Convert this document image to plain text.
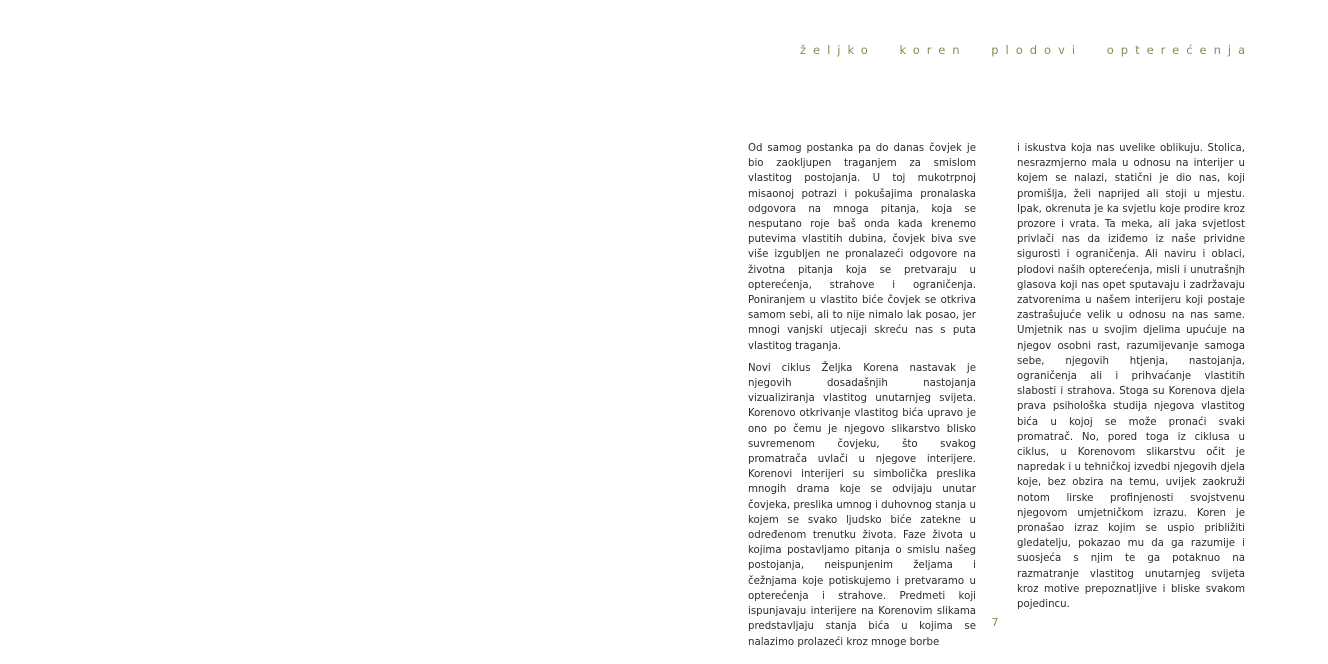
željko koren plodovi opterećenja

Od samog postanka pa do danas čovjek je bio zaokljupen traganjem za smislom vlastitog postojanja. U toj mukotrpnoj misaonoj potrazi i pokušajima pronalaska odgovora na mnoga pitanja, koja se nesputano roje baš onda kada krenemo putevima vlastitih dubina, čovjek biva sve više izgubljen ne pronalazeći odgovore na životna pitanja koja se pretvaraju u opterećenja, strahove i ograničenja. Poniranjem u vlastito biće čovjek se otkriva samom sebi, ali to nije nimalo lak posao, jer mnogi vanjski utjecaji skreću nas s puta vlastitog traganja.

Novi ciklus Željka Korena nastavak je njegovih dosadašnjih nastojanja vizualiziranja vlastitog unutarnjeg svijeta. Korenovo otkrivanje vlastitog bića upravo je ono po čemu je njegovo slikarstvo blisko suvremenom čovjeku, što svakog promatrača uvlači u njegove interijere. Korenovi interijeri su simbolička preslika mnogih drama koje se odvijaju unutar čovjeka, preslika umnog i duhovnog stanja u kojem se svako ljudsko biće zatekne u određenom trenutku života. Faze života u kojima postavljamo pitanja o smislu našeg postojanja, neispunjenim željama i čežnjama koje potiskujemo i pretvaramo u opterećenja i strahove. Predmeti koji ispunjavaju interijere na Korenovim slikama predstavljaju stanja bića u kojima se nalazimo prolazeći kroz mnoge borbe

i iskustva koja nas uvelike oblikuju. Stolica, nesrazmjerno mala u odnosu na interijer u kojem se nalazi, statični je dio nas, koji promišlja, želi naprijed ali stoji u mjestu. Ipak, okrenuta je ka svjetlu koje prodire kroz prozore i vrata. Ta meka, ali jaka svjetlost privlači nas da iziđemo iz naše prividne sigurosti i ograničenja. Ali naviru i oblaci, plodovi naših opterećenja, misli i unutrašnjh glasova koji nas opet sputavaju i zadržavaju zatvorenima u našem interijeru koji postaje zastrašujuće velik u odnosu na nas same. Umjetnik nas u svojim djelima upućuje na njegov osobni rast, razumijevanje samoga sebe, njegovih htjenja, nastojanja, ograničenja ali i prihvaćanje vlastitih slabosti i strahova. Stoga su Korenova djela prava psihološka studija njegova vlastitog bića u kojoj se može pronaći svaki promatrač. No, pored toga iz ciklusa u ciklus, u Korenovom slikarstvu očit je napredak i u tehničkoj izvedbi njegovih djela koje, bez obzira na temu, uvijek zaokruži notom lirske profinjenosti svojstvenu njegovom umjetničkom izrazu. Koren je pronašao izraz kojim se uspio približiti gledatelju, pokazao mu da ga razumije i suosjeća s njim te ga potaknuo na razmatranje vlastitog unutarnjeg svijeta kroz motive prepoznatljive i bliske svakom pojedincu.

7
